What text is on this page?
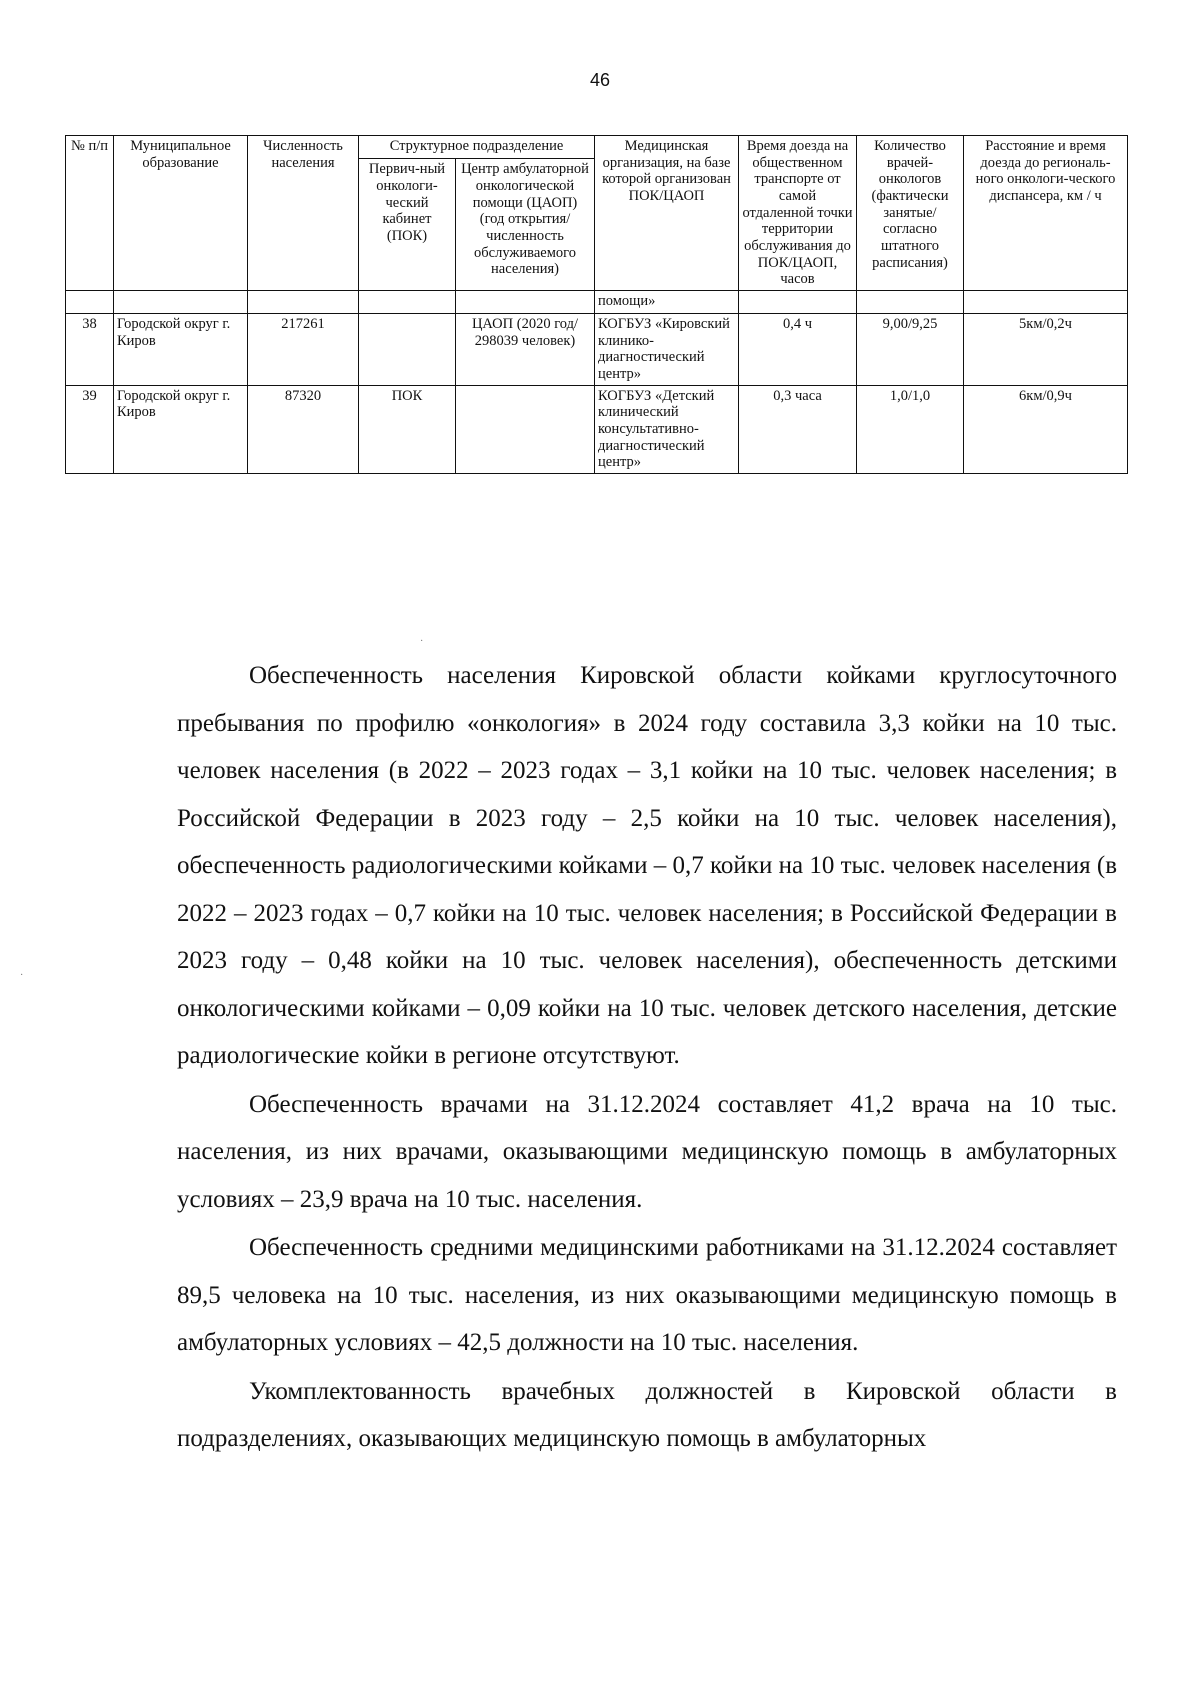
46
№ п/п	Муниципальное образование	Численность населения	Структурное подразделение		Медицинская организация, на базе которой организован ПОК/ЦАОП	Время доезда на общественном транспорте от самой отдаленной точки территории обслуживания до ПОК/ЦАОП, часов	Количество врачей-онкологов (фактически занятые/ согласно штатного расписания)	Расстояние и время доезда до региональ-ного онкологи-ческого диспансера, км / ч
			Первич-ный онкологи-ческий кабинет (ПОК)	Центр амбулаторной онкологической помощи (ЦАОП) (год открытия/ численность обслуживаемого населения)				
					помощи»			
38	Городской округ г. Киров	217261		ЦАОП (2020 год/ 298039 человек)	КОГБУЗ «Кировский клинико-диагностический центр»	0,4 ч	9,00/9,25	5км/0,2ч
39	Городской округ г. Киров	87320	ПОК		КОГБУЗ «Детский клинический консультативно-диагностический центр»	0,3 часа	1,0/1,0	6км/0,9ч

Обеспеченность населения Кировской области койками круглосуточного пребывания по профилю «онкология» в 2024 году составила 3,3 койки на 10 тыс. человек населения (в 2022 – 2023 годах – 3,1 койки на 10 тыс. человек населения; в Российской Федерации в 2023 году – 2,5 койки на 10 тыс. человек населения), обеспеченность радиологическими койками – 0,7 койки на 10 тыс. человек населения (в 2022 – 2023 годах – 0,7 койки на 10 тыс. человек населения; в Российской Федерации в 2023 году – 0,48 койки на 10 тыс. человек населения), обеспеченность детскими онкологическими койками – 0,09 койки на 10 тыс. человек детского населения, детские радиологические койки в регионе отсутствуют.

Обеспеченность врачами на 31.12.2024 составляет 41,2 врача на 10 тыс. населения, из них врачами, оказывающими медицинскую помощь в амбулаторных условиях – 23,9 врача на 10 тыс. населения.

Обеспеченность средними медицинскими работниками на 31.12.2024 составляет 89,5 человека на 10 тыс. населения, из них оказывающими медицинскую помощь в амбулаторных условиях – 42,5 должности на 10 тыс. населения.

Укомплектованность врачебных должностей в Кировской области в подразделениях, оказывающих медицинскую помощь в амбулаторных

·
·
